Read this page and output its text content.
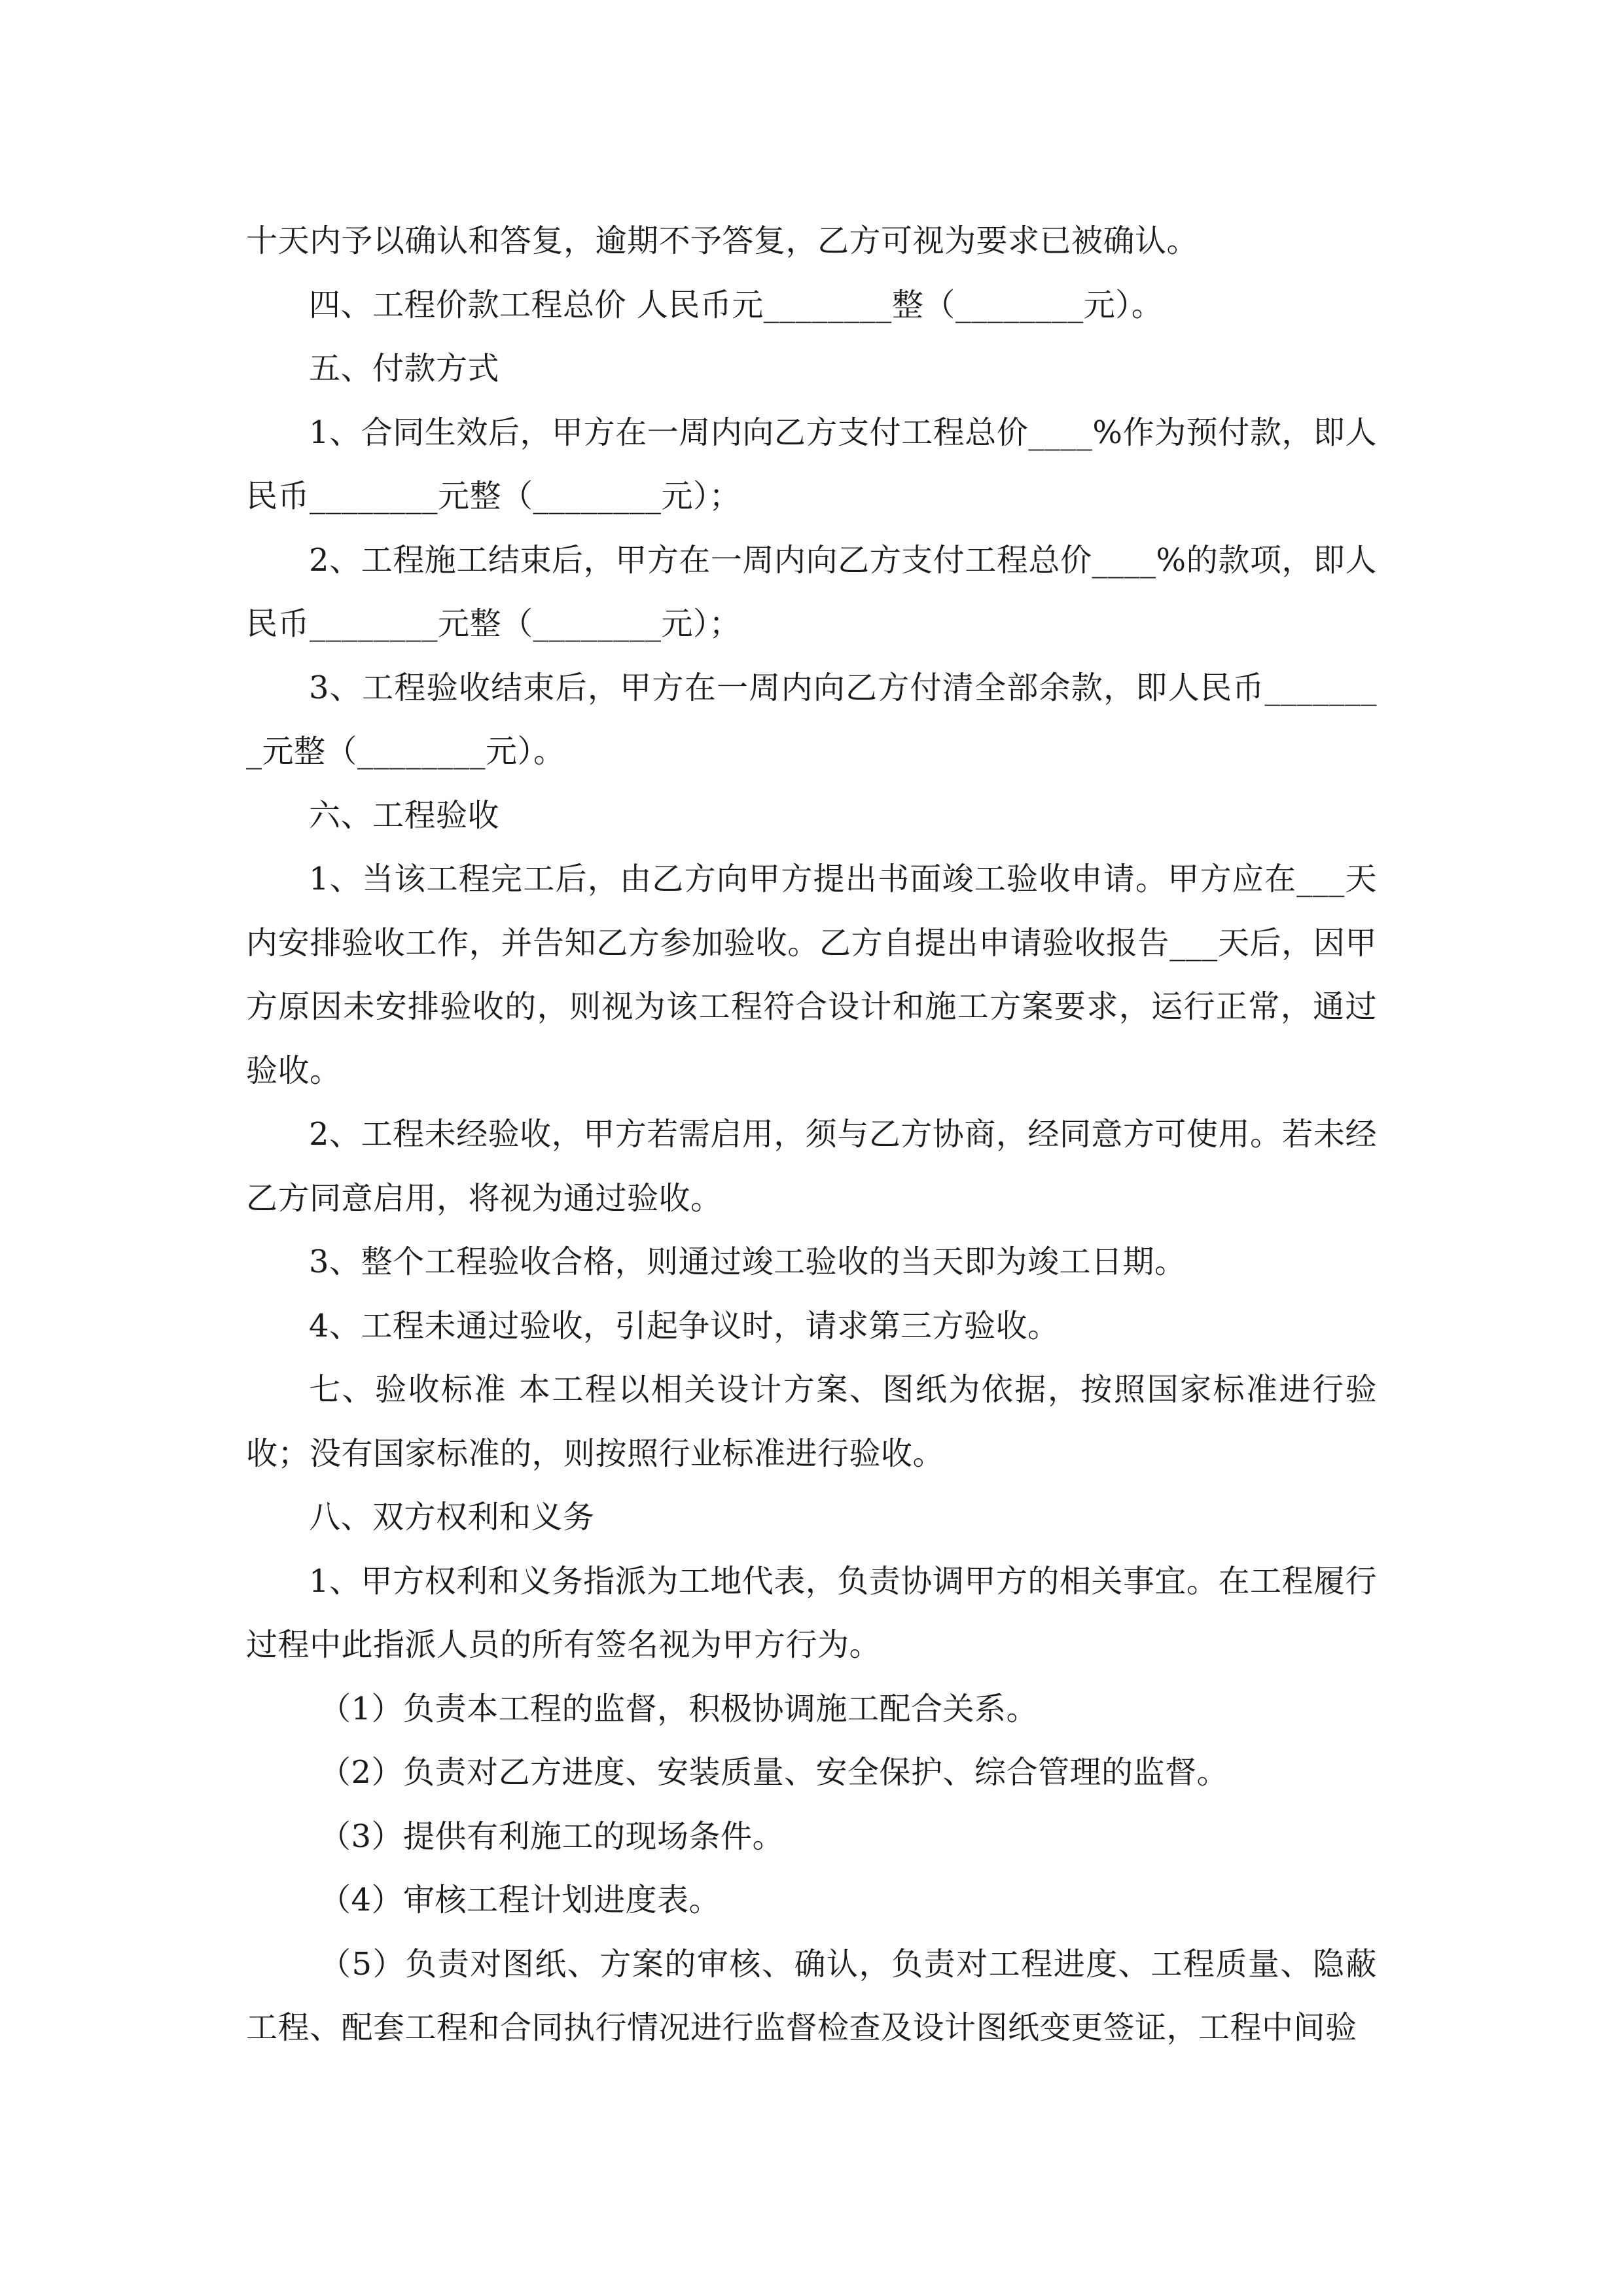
十天内予以确认和答复，逾期不予答复，乙方可视为要求已被确认。

四、工程价款工程总价 人民币元________整（________元）。

五、付款方式

1、合同生效后，甲方在一周内向乙方支付工程总价____%作为预付款，即人民币________元整（________元）；

2、工程施工结束后，甲方在一周内向乙方支付工程总价____%的款项，即人民币________元整（________元）；

3、工程验收结束后，甲方在一周内向乙方付清全部余款，即人民币________元整（________元）。

六、工程验收

1、当该工程完工后，由乙方向甲方提出书面竣工验收申请。甲方应在___天内安排验收工作，并告知乙方参加验收。乙方自提出申请验收报告___天后，因甲方原因未安排验收的，则视为该工程符合设计和施工方案要求，运行正常，通过验收。

2、工程未经验收，甲方若需启用，须与乙方协商，经同意方可使用。若未经乙方同意启用，将视为通过验收。

3、整个工程验收合格，则通过竣工验收的当天即为竣工日期。

4、工程未通过验收，引起争议时，请求第三方验收。

七、验收标准 本工程以相关设计方案、图纸为依据，按照国家标准进行验收；没有国家标准的，则按照行业标准进行验收。

八、双方权利和义务

1、甲方权利和义务指派为工地代表，负责协调甲方的相关事宜。在工程履行过程中此指派人员的所有签名视为甲方行为。

（1）负责本工程的监督，积极协调施工配合关系。

（2）负责对乙方进度、安装质量、安全保护、综合管理的监督。

（3）提供有利施工的现场条件。

（4）审核工程计划进度表。

（5）负责对图纸、方案的审核、确认，负责对工程进度、工程质量、隐蔽工程、配套工程和合同执行情况进行监督检查及设计图纸变更签证，工程中间验
